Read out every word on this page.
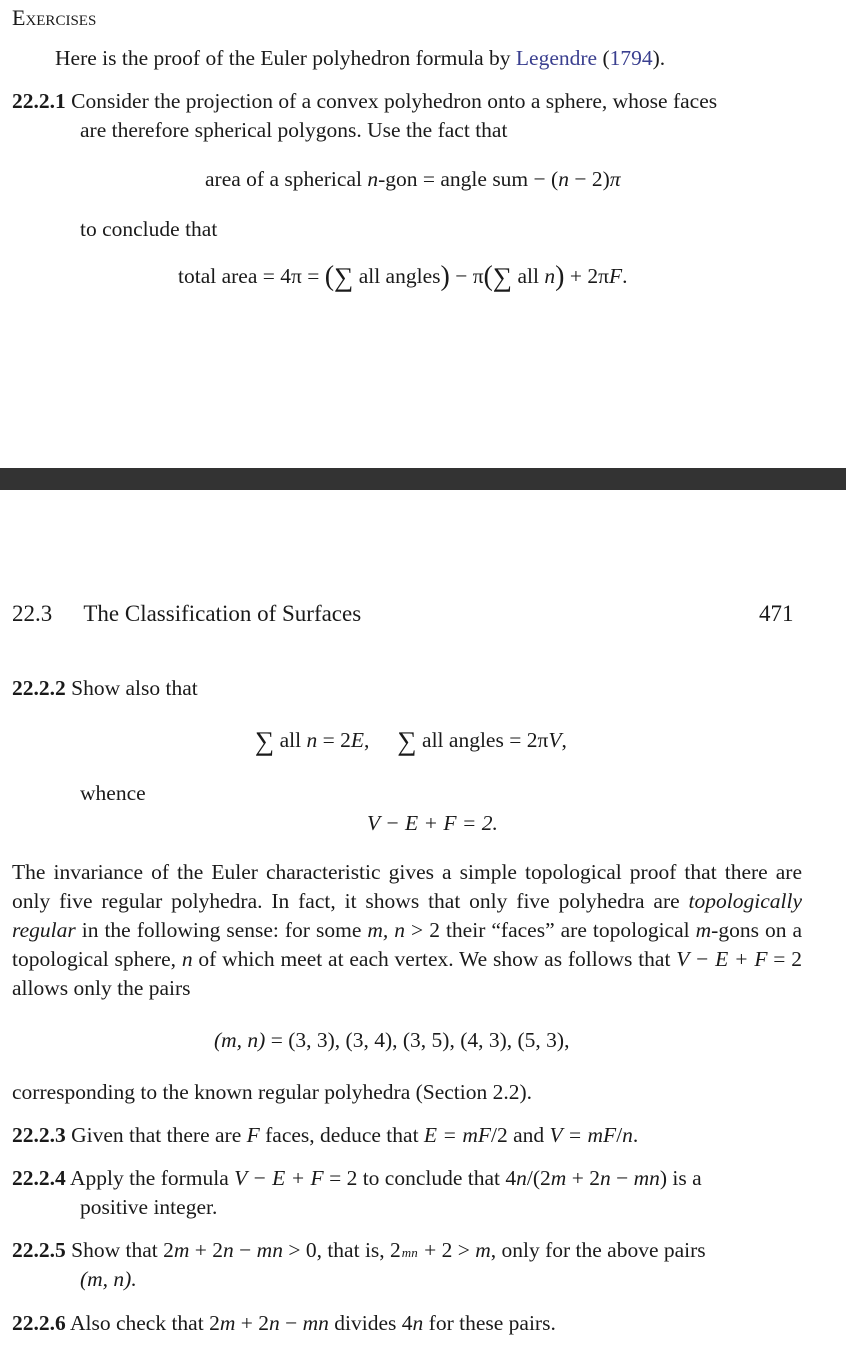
Exercises
Here is the proof of the Euler polyhedron formula by Legendre (1794).
22.2.1 Consider the projection of a convex polyhedron onto a sphere, whose faces
are therefore spherical polygons. Use the fact that
area of a spherical n-gon = angle sum − (n − 2)π
to conclude that
total area = 4π = (∑ all angles) − π(∑ all n) + 2πF.
22.3 The Classification of Surfaces	471
22.2.2 Show also that
∑ all n = 2E, ∑ all angles = 2πV,
whence
V − E + F = 2.
The invariance of the Euler characteristic gives a simple topological proof that there are only five regular polyhedra. In fact, it shows that only five polyhedra are topologically regular in the following sense: for some m, n > 2 their “faces” are topological m-gons on a topological sphere, n of which meet at each vertex. We show as follows that V − E + F = 2 allows only the pairs
(m, n) = (3, 3), (3, 4), (3, 5), (4, 3), (5, 3),
corresponding to the known regular polyhedra (Section 2.2).
22.2.3 Given that there are F faces, deduce that E = mF/2 and V = mF/n.
22.2.4 Apply the formula V − E + F = 2 to conclude that 4n/(2m + 2n − mn) is a
positive integer.
22.2.5 Show that 2m + 2n − mn > 0, that is, 2mn + 2 > m, only for the above pairs
(m, n).
22.2.6 Also check that 2m + 2n − mn divides 4n for these pairs.
